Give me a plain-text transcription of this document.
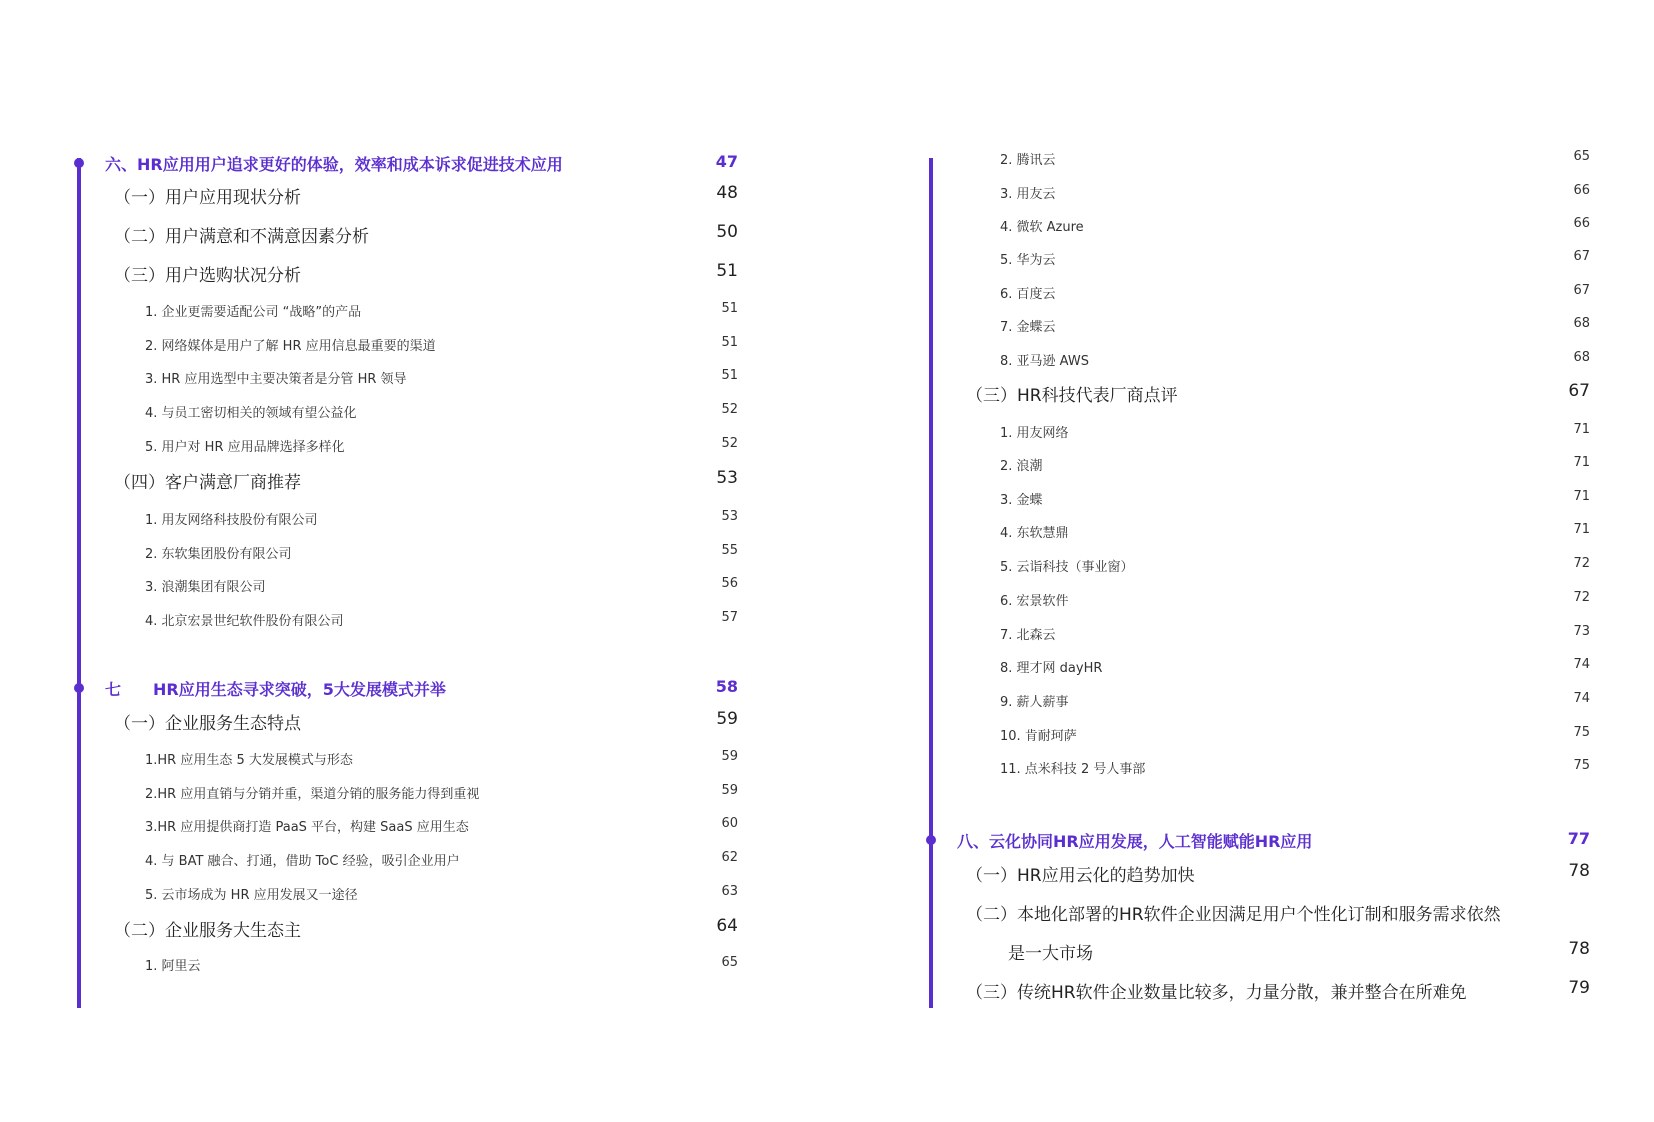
六、HR应用用户追求更好的体验，效率和成本诉求促进技术应用	47
（一）用户应用现状分析	48
（二）用户满意和不满意因素分析	50
（三）用户选购状况分析	51
1. 企业更需要适配公司 “战略”的产品	51
2. 网络媒体是用户了解 HR 应用信息最重要的渠道	51
3. HR 应用选型中主要决策者是分管 HR 领导	51
4. 与员工密切相关的领域有望公益化	52
5. 用户对 HR 应用品牌选择多样化	52
（四）客户满意厂商推荐	53
1. 用友网络科技股份有限公司	53
2. 东软集团股份有限公司	55
3. 浪潮集团有限公司	56
4. 北京宏景世纪软件股份有限公司	57
七　　HR应用生态寻求突破，5大发展模式并举	58
（一）企业服务生态特点	59
1.HR 应用生态 5 大发展模式与形态	59
2.HR 应用直销与分销并重，渠道分销的服务能力得到重视	59
3.HR 应用提供商打造 PaaS 平台，构建 SaaS 应用生态	60
4. 与 BAT 融合、打通，借助 ToC 经验，吸引企业用户	62
5. 云市场成为 HR 应用发展又一途径	63
（二）企业服务大生态主	64
1. 阿里云	65
2. 腾讯云	65
3. 用友云	66
4. 微软 Azure	66
5. 华为云	67
6. 百度云	67
7. 金蝶云	68
8. 亚马逊 AWS	68
（三）HR科技代表厂商点评	67
1. 用友网络	71
2. 浪潮	71
3. 金蝶	71
4. 东软慧鼎	71
5. 云诣科技（事业窗）	72
6. 宏景软件	72
7. 北森云	73
8. 理才网 dayHR	74
9. 薪人薪事	74
10. 肯耐珂萨	75
11. 点米科技 2 号人事部	75
八、云化协同HR应用发展，人工智能赋能HR应用	77
（一）HR应用云化的趋势加快	78
（二）本地化部署的HR软件企业因满足用户个性化订制和服务需求依然
是一大市场	78
（三）传统HR软件企业数量比较多，力量分散，兼并整合在所难免	79
